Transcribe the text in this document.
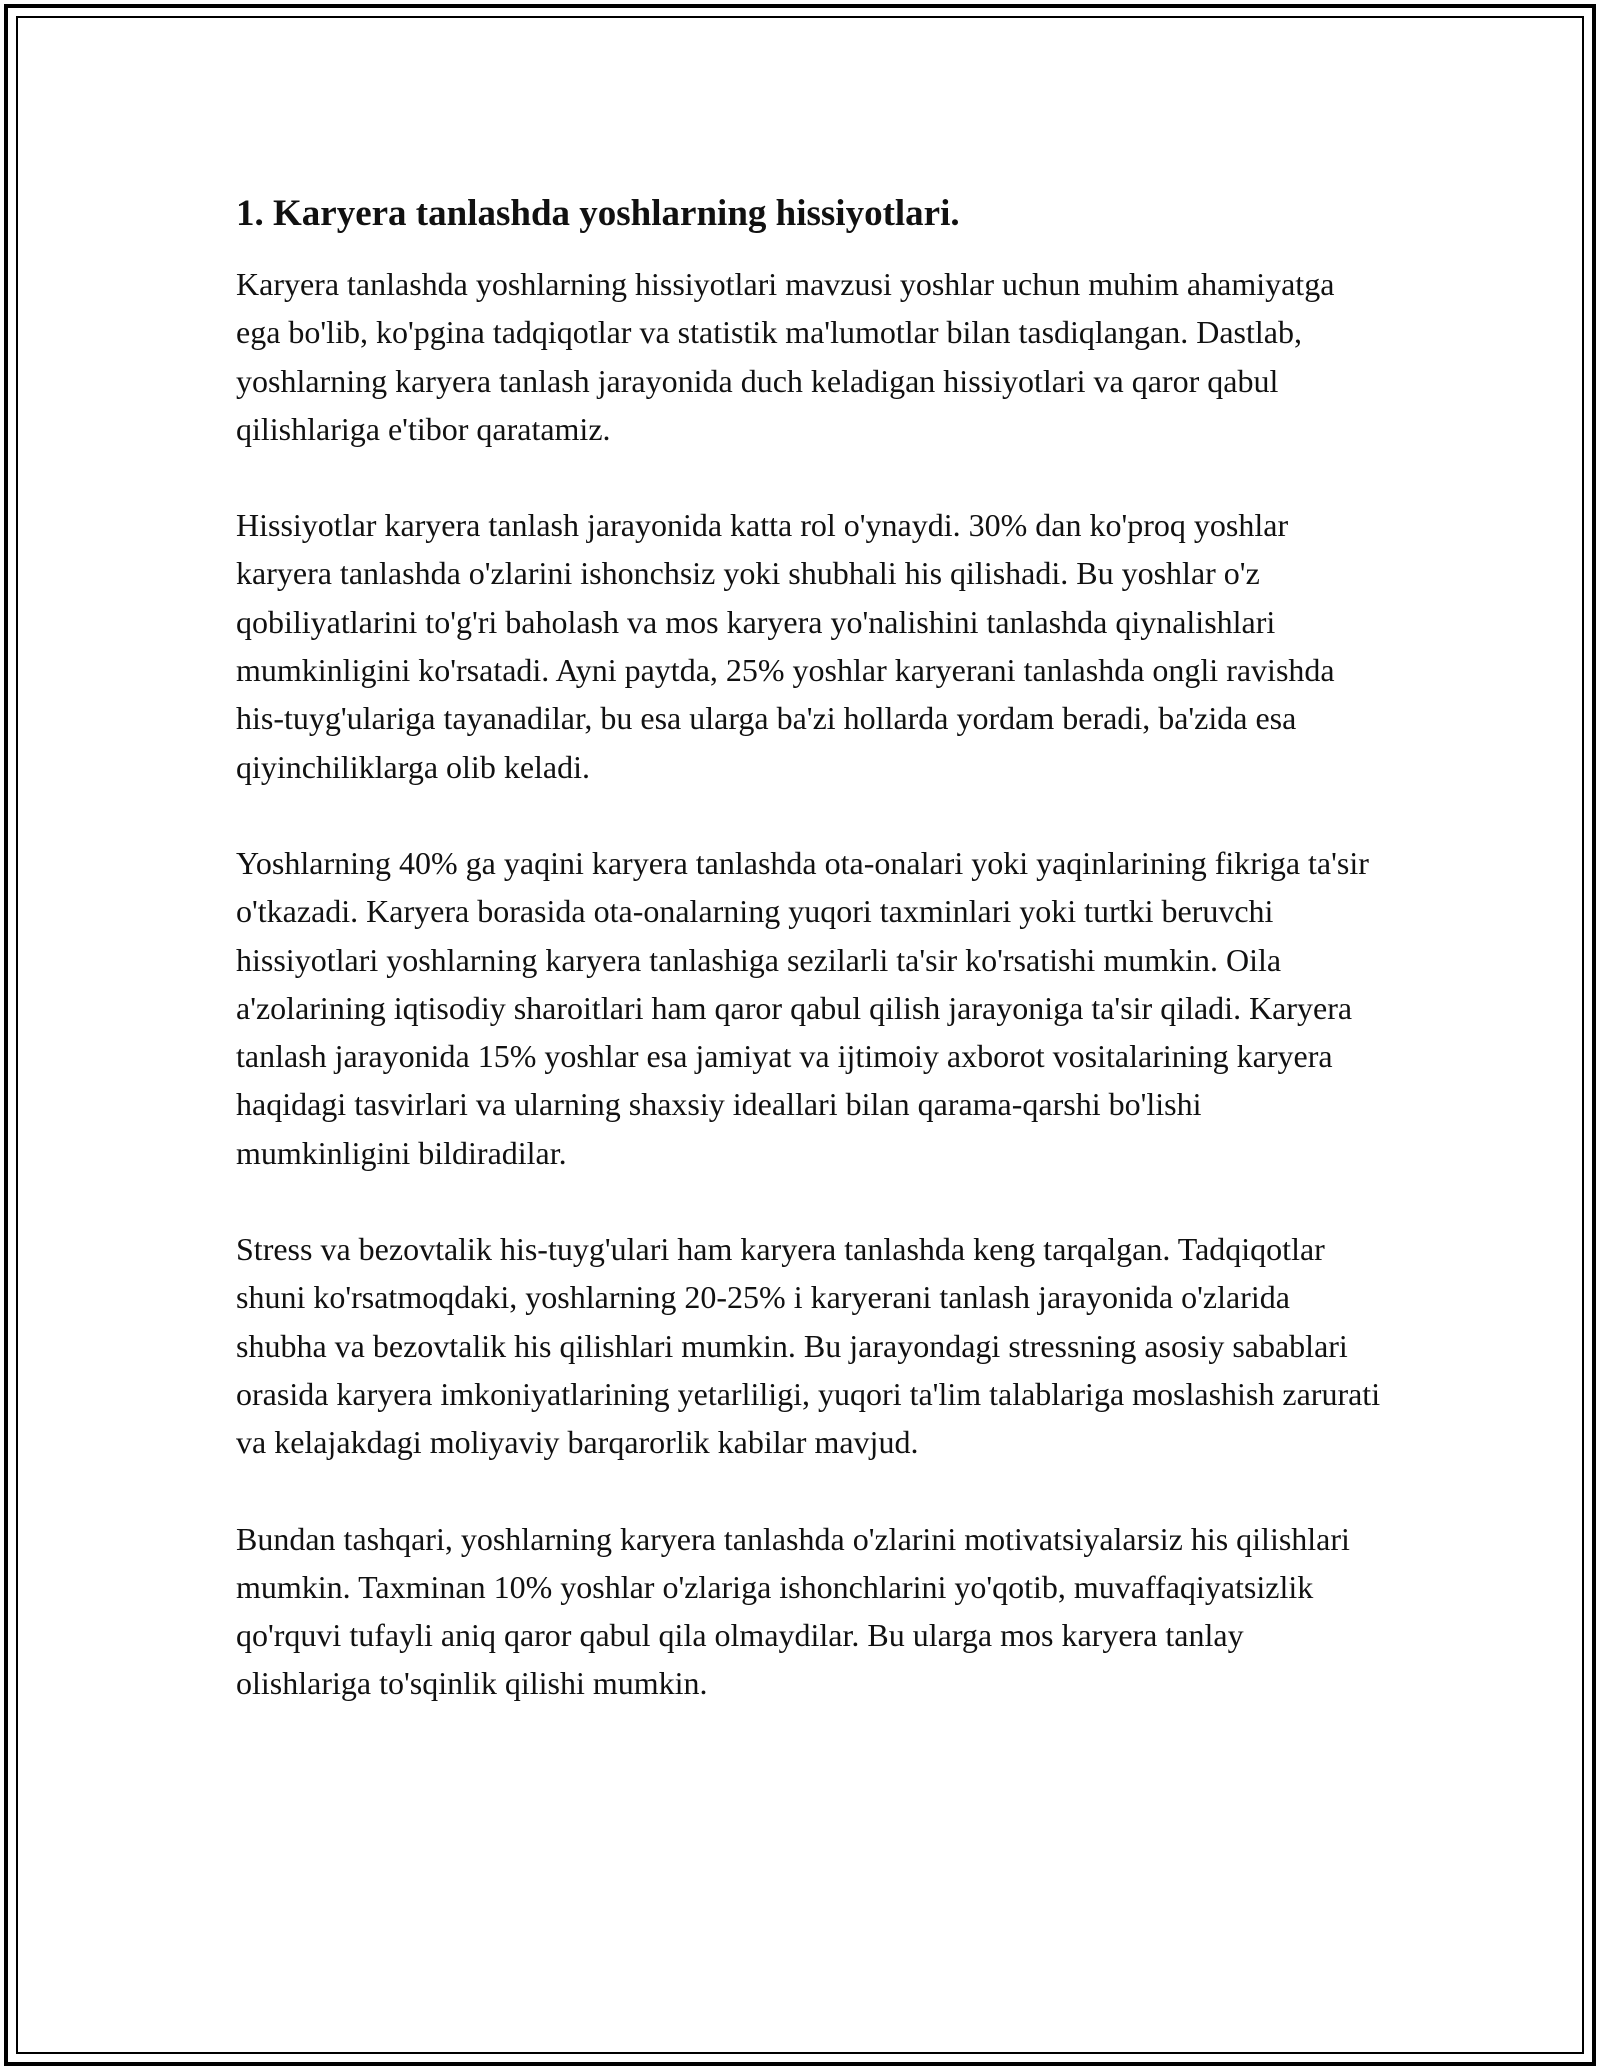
1. Karyera tanlashda yoshlarning hissiyotlari.

Karyera tanlashda yoshlarning hissiyotlari mavzusi yoshlar uchun muhim ahamiyatga ega bo'lib, ko'pgina tadqiqotlar va statistik ma'lumotlar bilan tasdiqlangan. Dastlab, yoshlarning karyera tanlash jarayonida duch keladigan hissiyotlari va qaror qabul qilishlariga e'tibor qaratamiz.

Hissiyotlar karyera tanlash jarayonida katta rol o'ynaydi. 30% dan ko'proq yoshlar karyera tanlashda o'zlarini ishonchsiz yoki shubhali his qilishadi. Bu yoshlar o'z qobiliyatlarini to'g'ri baholash va mos karyera yo'nalishini tanlashda qiynalishlari mumkinligini ko'rsatadi. Ayni paytda, 25% yoshlar karyerani tanlashda ongli ravishda his-tuyg'ulariga tayanadilar, bu esa ularga ba'zi hollarda yordam beradi, ba'zida esa qiyinchiliklarga olib keladi.

Yoshlarning 40% ga yaqini karyera tanlashda ota-onalari yoki yaqinlarining fikriga ta'sir o'tkazadi. Karyera borasida ota-onalarning yuqori taxminlari yoki turtki beruvchi hissiyotlari yoshlarning karyera tanlashiga sezilarli ta'sir ko'rsatishi mumkin. Oila a'zolarining iqtisodiy sharoitlari ham qaror qabul qilish jarayoniga ta'sir qiladi. Karyera tanlash jarayonida 15% yoshlar esa jamiyat va ijtimoiy axborot vositalarining karyera haqidagi tasvirlari va ularning shaxsiy ideallari bilan qarama-qarshi bo'lishi mumkinligini bildiradilar.

Stress va bezovtalik his-tuyg'ulari ham karyera tanlashda keng tarqalgan. Tadqiqotlar shuni ko'rsatmoqdaki, yoshlarning 20-25% i karyerani tanlash jarayonida o'zlarida shubha va bezovtalik his qilishlari mumkin. Bu jarayondagi stressning asosiy sabablari orasida karyera imkoniyatlarining yetarliligi, yuqori ta'lim talablariga moslashish zarurati va kelajakdagi moliyaviy barqarorlik kabilar mavjud.

Bundan tashqari, yoshlarning karyera tanlashda o'zlarini motivatsiyalarsiz his qilishlari mumkin. Taxminan 10% yoshlar o'zlariga ishonchlarini yo'qotib, muvaffaqiyatsizlik qo'rquvi tufayli aniq qaror qabul qila olmaydilar. Bu ularga mos karyera tanlay olishlariga to'sqinlik qilishi mumkin.
